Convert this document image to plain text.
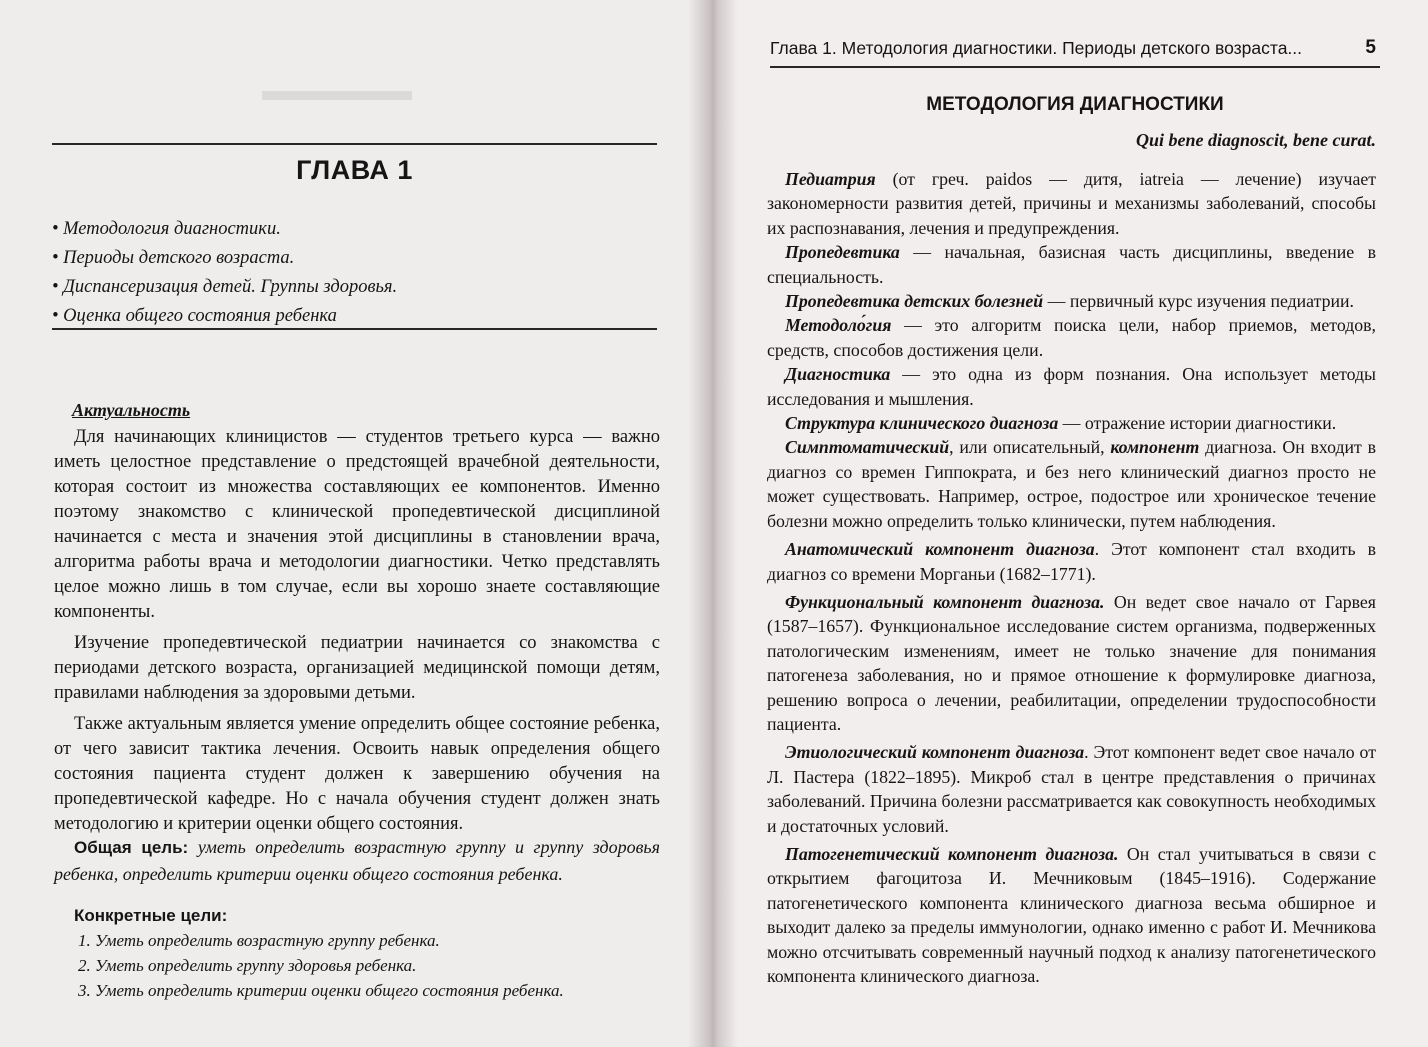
▬▬▬▬▬
ГЛАВА 1
• Методология диагностики.
• Периоды детского возраста.
• Диспансеризация детей. Группы здоровья.
• Оценка общего состояния ребенка
Актуальность

Для начинающих клиницистов — студентов третьего курса — важно иметь целостное представление о предстоящей врачебной деятельности, которая состоит из множества составляющих ее компонентов. Именно поэтому знакомство с клинической пропедевтической дисциплиной начинается с места и значения этой дисциплины в становлении врача, алгоритма работы врача и методологии диагностики. Четко представлять целое можно лишь в том случае, если вы хорошо знаете составляющие компоненты.

Изучение пропедевтической педиатрии начинается со знакомства с периодами детского возраста, организацией медицинской помощи детям, правилами наблюдения за здоровыми детьми.

Также актуальным является умение определить общее состояние ребенка, от чего зависит тактика лечения. Освоить навык определения общего состояния пациента студент должен к завершению обучения на пропедевтической кафедре. Но с начала обучения студент должен знать методологию и критерии оценки общего состояния.

Общая цель: уметь определить возрастную группу и группу здоровья ребенка, определить критерии оценки общего состояния ребенка.

Конкретные цели:
1. Уметь определить возрастную группу ребенка.
2. Уметь определить группу здоровья ребенка.
3. Уметь определить критерии оценки общего состояния ребенка.
Глава 1. Методология диагностики. Периоды детского возраста...	5
МЕТОДОЛОГИЯ ДИАГНОСТИКИ
Qui bene diagnoscit, bene curat.

Педиатрия (от греч. paidos — дитя, iatreia — лечение) изучает закономерности развития детей, причины и механизмы заболеваний, способы их распознавания, лечения и предупреждения.

Пропедевтика — начальная, базисная часть дисциплины, введение в специальность.

Пропедевтика детских болезней — первичный курс изучения педиатрии.

Методоло́гия — это алгоритм поиска цели, набор приемов, методов, средств, способов достижения цели.

Диагностика — это одна из форм познания. Она использует методы исследования и мышления.

Структура клинического диагноза — отражение истории диагностики.

Симптоматический, или описательный, компонент диагноза. Он входит в диагноз со времен Гиппократа, и без него клинический диагноз просто не может существовать. Например, острое, подострое или хроническое течение болезни можно определить только клинически, путем наблюдения.

Анатомический компонент диагноза. Этот компонент стал входить в диагноз со времени Морганьи (1682–1771).

Функциональный компонент диагноза. Он ведет свое начало от Гарвея (1587–1657). Функциональное исследование систем организма, подверженных патологическим изменениям, имеет не только значение для понимания патогенеза заболевания, но и прямое отношение к формулировке диагноза, решению вопроса о лечении, реабилитации, определении трудоспособности пациента.

Этиологический компонент диагноза. Этот компонент ведет свое начало от Л. Пастера (1822–1895). Микроб стал в центре представления о причинах заболеваний. Причина болезни рассматривается как совокупность необходимых и достаточных условий.

Патогенетический компонент диагноза. Он стал учитываться в связи с открытием фагоцитоза И. Мечниковым (1845–1916). Содержание патогенетического компонента клинического диагноза весьма обширное и выходит далеко за пределы иммунологии, однако именно с работ И. Мечникова можно отсчитывать современный научный подход к анализу патогенетического компонента клинического диагноза.
